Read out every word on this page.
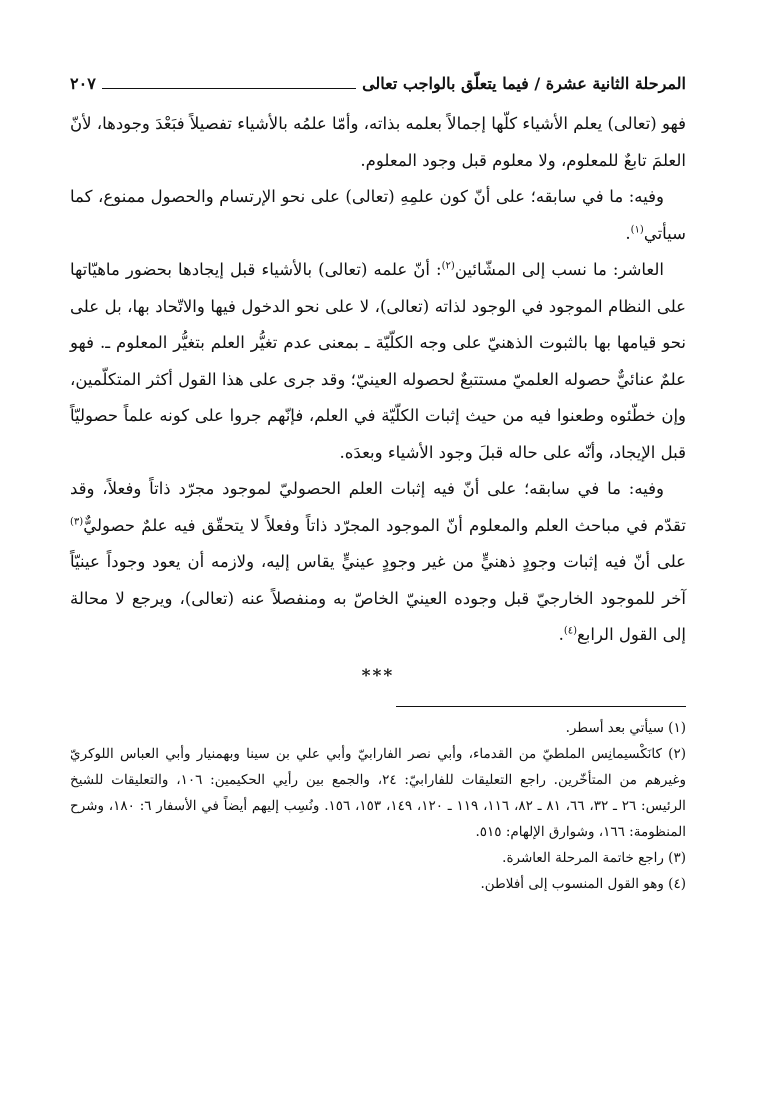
المرحلة الثانية عشرة / فيما يتعلّق بالواجب تعالى
٢٠٧

فهو (تعالى) يعلم الأشياء كلّها إجمالاً بعلمه بذاته، وأمّا علمُه بالأشياء تفصيلاً فبَعْدَ وجودها، لأنّ العلمَ تابعٌ للمعلوم، ولا معلوم قبل وجود المعلوم.

وفيه: ما في سابقه؛ على أنّ كون علمِهِ (تعالى) على نحو الإرتسام والحصول ممنوع، كما سيأتي$^{(١)}$.

العاشر: ما نسب إلى المشّائين$^{(٢)}$: أنّ علمه (تعالى) بالأشياء قبل إيجادها بحضور ماهيّاتها على النظام الموجود في الوجود لذاته (تعالى)، لا على نحو الدخول فيها والاتّحاد بها، بل على نحو قيامها بها بالثبوت الذهنيّ على وجه الكلّيّة ـ بمعنى عدم تغيُّر العلم بتغيُّر المعلوم ـ. فهو علمٌ عنائيٌّ حصوله العلميّ مستتبعٌ لحصوله العينيّ؛ وقد جرى على هذا القول أكثر المتكلّمين، وإن خطّئوه وطعنوا فيه من حيث إثبات الكلّيّة في العلم، فإنّهم جروا على كونه علماً حصوليّاً قبل الإيجاد، وأنّه على حاله قبلَ وجود الأشياء وبعدَه.

وفيه: ما في سابقه؛ على أنّ فيه إثبات العلم الحصوليّ لموجود مجرّد ذاتاً وفعلاً، وقد تقدّم في مباحث العلم والمعلوم أنّ الموجود المجرّد ذاتاً وفعلاً لا يتحقّق فيه علمٌ حصوليٌّ$^{(٣)}$ على أنّ فيه إثبات وجودٍ ذهنيٍّ من غير وجودٍ عينيٍّ يقاس إليه، ولازمه أن يعود وجوداً عينيّاً آخر للموجود الخارجيّ قبل وجوده العينيّ الخاصّ به ومنفصلاً عنه (تعالى)، ويرجع لا محالة إلى القول الرابع$^{(٤)}$.

***

(١) سيأتي بعد أسطر.

(٢) كانَكْسيمانِس الملطيّ من القدماء، وأبي نصر الفارابيّ وأبي علي بن سينا وبهمنيار وأبي العباس اللوكريّ وغيرهم من المتأخّرين. راجع التعليقات للفارابيّ: ٢٤، والجمع بين رأيي الحكيمين: ١٠٦، والتعليقات للشيخ الرئيس: ٢٦ ـ ٣٢، ٦٦، ٨١ ـ ٨٢، ١١٦، ١١٩ ـ ١٢٠، ١٤٩، ١٥٣، ١٥٦. ونُسِب إليهم أيضاً في الأسفار ٦: ١٨٠، وشرح المنظومة: ١٦٦، وشوارق الإلهام: ٥١٥.

(٣) راجع خاتمة المرحلة العاشرة.

(٤) وهو القول المنسوب إلى أفلاطن.
